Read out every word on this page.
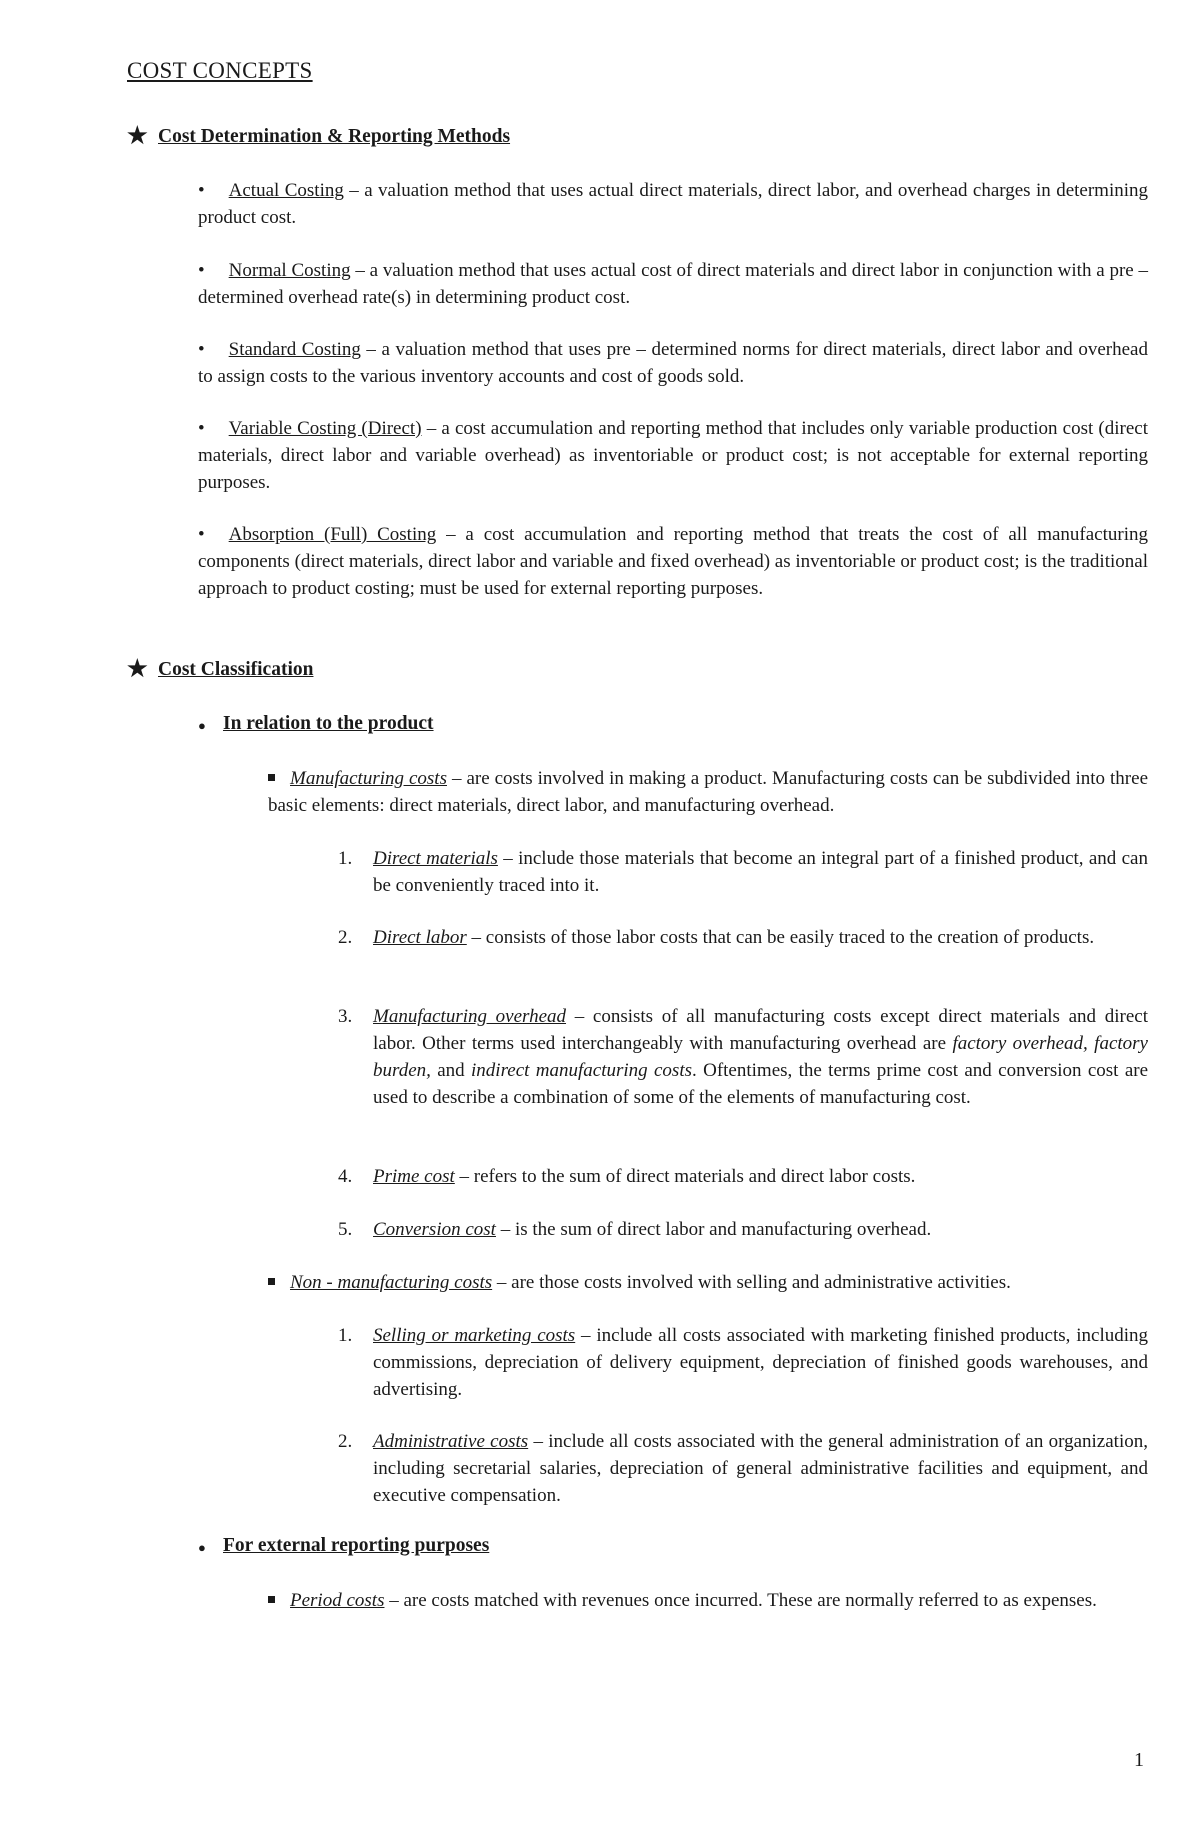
COST CONCEPTS
★ Cost Determination & Reporting Methods
• Actual Costing – a valuation method that uses actual direct materials, direct labor, and overhead charges in determining product cost.
• Normal Costing – a valuation method that uses actual cost of direct materials and direct labor in conjunction with a pre – determined overhead rate(s) in determining product cost.
• Standard Costing – a valuation method that uses pre – determined norms for direct materials, direct labor and overhead to assign costs to the various inventory accounts and cost of goods sold.
• Variable Costing (Direct) – a cost accumulation and reporting method that includes only variable production cost (direct materials, direct labor and variable overhead) as inventoriable or product cost; is not acceptable for external reporting purposes.
• Absorption (Full) Costing – a cost accumulation and reporting method that treats the cost of all manufacturing components (direct materials, direct labor and variable and fixed overhead) as inventoriable or product cost; is the traditional approach to product costing; must be used for external reporting purposes.
★ Cost Classification
● In relation to the product
Manufacturing costs – are costs involved in making a product. Manufacturing costs can be subdivided into three basic elements: direct materials, direct labor, and manufacturing overhead.
1. Direct materials – include those materials that become an integral part of a finished product, and can be conveniently traced into it.
2. Direct labor – consists of those labor costs that can be easily traced to the creation of products.
3. Manufacturing overhead – consists of all manufacturing costs except direct materials and direct labor. Other terms used interchangeably with manufacturing overhead are factory overhead, factory burden, and indirect manufacturing costs. Oftentimes, the terms prime cost and conversion cost are used to describe a combination of some of the elements of manufacturing cost.
4. Prime cost – refers to the sum of direct materials and direct labor costs.
5. Conversion cost – is the sum of direct labor and manufacturing overhead.
Non - manufacturing costs – are those costs involved with selling and administrative activities.
1. Selling or marketing costs – include all costs associated with marketing finished products, including commissions, depreciation of delivery equipment, depreciation of finished goods warehouses, and advertising.
2. Administrative costs – include all costs associated with the general administration of an organization, including secretarial salaries, depreciation of general administrative facilities and equipment, and executive compensation.
● For external reporting purposes
Period costs – are costs matched with revenues once incurred. These are normally referred to as expenses.
1
